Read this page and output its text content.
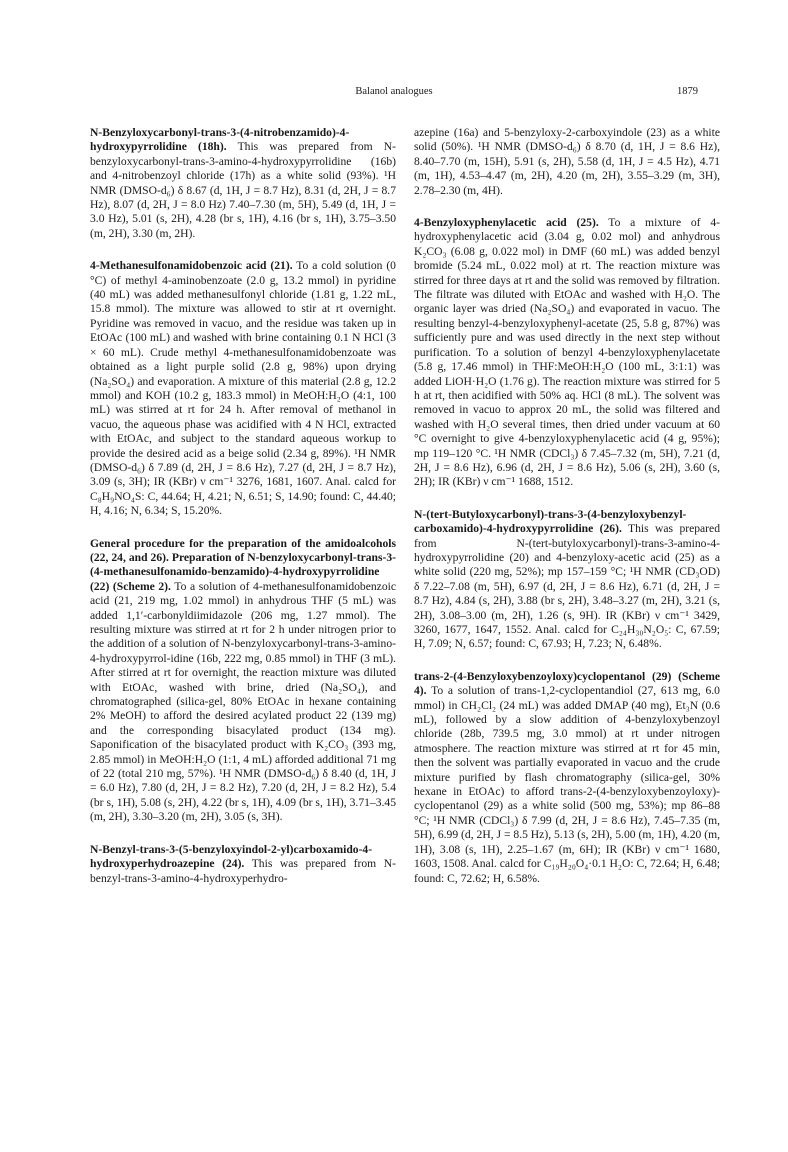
Balanol analogues	1879

N-Benzyloxycarbonyl-trans-3-(4-nitrobenzamido)-4-hydroxypyrrolidine (18h). This was prepared from N-benzyloxycarbonyl-trans-3-amino-4-hydroxypyrrolidine (16b) and 4-nitrobenzoyl chloride (17h) as a white solid (93%). ¹H NMR (DMSO-d₆) δ 8.67 (d, 1H, J = 8.7 Hz), 8.31 (d, 2H, J = 8.7 Hz), 8.07 (d, 2H, J = 8.0 Hz) 7.40–7.30 (m, 5H), 5.49 (d, 1H, J = 3.0 Hz), 5.01 (s, 2H), 4.28 (br s, 1H), 4.16 (br s, 1H), 3.75–3.50 (m, 2H), 3.30 (m, 2H).

4-Methanesulfonamidobenzoic acid (21). To a cold solution (0 °C) of methyl 4-aminobenzoate (2.0 g, 13.2 mmol) in pyridine (40 mL) was added methanesulfonyl chloride (1.81 g, 1.22 mL, 15.8 mmol). The mixture was allowed to stir at rt overnight. Pyridine was removed in vacuo, and the residue was taken up in EtOAc (100 mL) and washed with brine containing 0.1 N HCl (3 × 60 mL). Crude methyl 4-methanesulfonamidobenzoate was obtained as a light purple solid (2.8 g, 98%) upon drying (Na₂SO₄) and evaporation. A mixture of this material (2.8 g, 12.2 mmol) and KOH (10.2 g, 183.3 mmol) in MeOH:H₂O (4:1, 100 mL) was stirred at rt for 24 h. After removal of methanol in vacuo, the aqueous phase was acidified with 4 N HCl, extracted with EtOAc, and subject to the standard aqueous workup to provide the desired acid as a beige solid (2.34 g, 89%). ¹H NMR (DMSO-d₆) δ 7.89 (d, 2H, J = 8.6 Hz), 7.27 (d, 2H, J = 8.7 Hz), 3.09 (s, 3H); IR (KBr) ν cm⁻¹ 3276, 1681, 1607. Anal. calcd for C₈H₉NO₄S: C, 44.64; H, 4.21; N, 6.51; S, 14.90; found: C, 44.40; H, 4.16; N, 6.34; S, 15.20%.

General procedure for the preparation of the amidoalcohols (22, 24, and 26). Preparation of N-benzyloxycarbonyl-trans-3-(4-methanesulfonamido-benzamido)-4-hydroxypyrrolidine (22) (Scheme 2). To a solution of 4-methanesulfonamidobenzoic acid (21, 219 mg, 1.02 mmol) in anhydrous THF (5 mL) was added 1,1′-carbonyldiimidazole (206 mg, 1.27 mmol). The resulting mixture was stirred at rt for 2 h under nitrogen prior to the addition of a solution of N-benzyloxycarbonyl-trans-3-amino-4-hydroxypyrrol-idine (16b, 222 mg, 0.85 mmol) in THF (3 mL). After stirred at rt for overnight, the reaction mixture was diluted with EtOAc, washed with brine, dried (Na₂SO₄), and chromatographed (silica-gel, 80% EtOAc in hexane containing 2% MeOH) to afford the desired acylated product 22 (139 mg) and the corresponding bisacylated product (134 mg). Saponification of the bisacylated product with K₂CO₃ (393 mg, 2.85 mmol) in MeOH:H₂O (1:1, 4 mL) afforded additional 71 mg of 22 (total 210 mg, 57%). ¹H NMR (DMSO-d₆) δ 8.40 (d, 1H, J = 6.0 Hz), 7.80 (d, 2H, J = 8.2 Hz), 7.20 (d, 2H, J = 8.2 Hz), 5.4 (br s, 1H), 5.08 (s, 2H), 4.22 (br s, 1H), 4.09 (br s, 1H), 3.71–3.45 (m, 2H), 3.30–3.20 (m, 2H), 3.05 (s, 3H).

N-Benzyl-trans-3-(5-benzyloxyindol-2-yl)carboxamido-4-hydroxyperhydroazepine (24). This was prepared from N-benzyl-trans-3-amino-4-hydroxyperhydro-

azepine (16a) and 5-benzyloxy-2-carboxyindole (23) as a white solid (50%). ¹H NMR (DMSO-d₆) δ 8.70 (d, 1H, J = 8.6 Hz), 8.40–7.70 (m, 15H), 5.91 (s, 2H), 5.58 (d, 1H, J = 4.5 Hz), 4.71 (m, 1H), 4.53–4.47 (m, 2H), 4.20 (m, 2H), 3.55–3.29 (m, 3H), 2.78–2.30 (m, 4H).

4-Benzyloxyphenylacetic acid (25). To a mixture of 4-hydroxyphenylacetic acid (3.04 g, 0.02 mol) and anhydrous K₂CO₃ (6.08 g, 0.022 mol) in DMF (60 mL) was added benzyl bromide (5.24 mL, 0.022 mol) at rt. The reaction mixture was stirred for three days at rt and the solid was removed by filtration. The filtrate was diluted with EtOAc and washed with H₂O. The organic layer was dried (Na₂SO₄) and evaporated in vacuo. The resulting benzyl-4-benzyloxyphenyl-acetate (25, 5.8 g, 87%) was sufficiently pure and was used directly in the next step without purification. To a solution of benzyl 4-benzyloxyphenylacetate (5.8 g, 17.46 mmol) in THF:MeOH:H₂O (100 mL, 3:1:1) was added LiOH·H₂O (1.76 g). The reaction mixture was stirred for 5 h at rt, then acidified with 50% aq. HCl (8 mL). The solvent was removed in vacuo to approx 20 mL, the solid was filtered and washed with H₂O several times, then dried under vacuum at 60 °C overnight to give 4-benzyloxyphenylacetic acid (4 g, 95%); mp 119–120 °C. ¹H NMR (CDCl₃) δ 7.45–7.32 (m, 5H), 7.21 (d, 2H, J = 8.6 Hz), 6.96 (d, 2H, J = 8.6 Hz), 5.06 (s, 2H), 3.60 (s, 2H); IR (KBr) ν cm⁻¹ 1688, 1512.

N-(tert-Butyloxycarbonyl)-trans-3-(4-benzyloxybenzyl-carboxamido)-4-hydroxypyrrolidine (26). This was prepared from N-(tert-butyloxycarbonyl)-trans-3-amino-4-hydroxypyrrolidine (20) and 4-benzyloxy-acetic acid (25) as a white solid (220 mg, 52%); mp 157–159 °C; ¹H NMR (CD₃OD) δ 7.22–7.08 (m, 5H), 6.97 (d, 2H, J = 8.6 Hz), 6.71 (d, 2H, J = 8.7 Hz), 4.84 (s, 2H), 3.88 (br s, 2H), 3.48–3.27 (m, 2H), 3.21 (s, 2H), 3.08–3.00 (m, 2H), 1.26 (s, 9H). IR (KBr) ν cm⁻¹ 3429, 3260, 1677, 1647, 1552. Anal. calcd for C₂₄H₃₀N₂O₅: C, 67.59; H, 7.09; N, 6.57; found: C, 67.93; H, 7.23; N, 6.48%.

trans-2-(4-Benzyloxybenzoyloxy)cyclopentanol (29) (Scheme 4). To a solution of trans-1,2-cyclopentandiol (27, 613 mg, 6.0 mmol) in CH₂Cl₂ (24 mL) was added DMAP (40 mg), Et₃N (0.6 mL), followed by a slow addition of 4-benzyloxybenzoyl chloride (28b, 739.5 mg, 3.0 mmol) at rt under nitrogen atmosphere. The reaction mixture was stirred at rt for 45 min, then the solvent was partially evaporated in vacuo and the crude mixture purified by flash chromatography (silica-gel, 30% hexane in EtOAc) to afford trans-2-(4-benzyloxybenzoyloxy)-cyclopentanol (29) as a white solid (500 mg, 53%); mp 86–88 °C; ¹H NMR (CDCl₃) δ 7.99 (d, 2H, J = 8.6 Hz), 7.45–7.35 (m, 5H), 6.99 (d, 2H, J = 8.5 Hz), 5.13 (s, 2H), 5.00 (m, 1H), 4.20 (m, 1H), 3.08 (s, 1H), 2.25–1.67 (m, 6H); IR (KBr) ν cm⁻¹ 1680, 1603, 1508. Anal. calcd for C₁₉H₂₀O₄·0.1 H₂O: C, 72.64; H, 6.48; found: C, 72.62; H, 6.58%.
